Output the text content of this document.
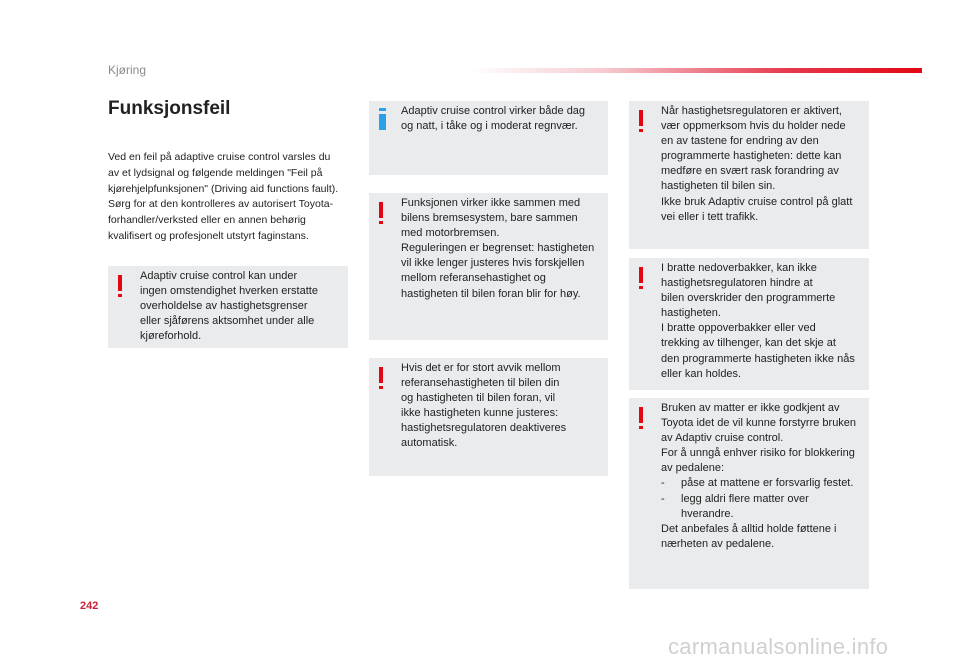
Kjøring
Funksjonsfeil
Ved en feil på adaptive cruise control varsles du
av et lydsignal og følgende meldingen "Feil på
kjørehjelpfunksjonen" (Driving aid functions fault).
Sørg for at den kontrolleres av autorisert Toyota-
forhandler/verksted eller en annen behørig
kvalifisert og profesjonelt utstyrt faginstans.
Adaptiv cruise control kan under
ingen omstendighet hverken erstatte
overholdelse av hastighetsgrenser
eller sjåførens aktsomhet under alle
kjøreforhold.
Adaptiv cruise control virker både dag
og natt, i tåke og i moderat regnvær.
Funksjonen virker ikke sammen med
bilens bremsesystem, bare sammen
med motorbremsen.
Reguleringen er begrenset: hastigheten
vil ikke lenger justeres hvis forskjellen
mellom referansehastighet og
hastigheten til bilen foran blir for høy.
Hvis det er for stort avvik mellom
referansehastigheten til bilen din
og hastigheten til bilen foran, vil
ikke hastigheten kunne justeres:
hastighetsregulatoren deaktiveres
automatisk.
Når hastighetsregulatoren er aktivert,
vær oppmerksom hvis du holder nede
en av tastene for endring av den
programmerte hastigheten: dette kan
medføre en svært rask forandring av
hastigheten til bilen sin.
Ikke bruk Adaptiv cruise control på glatt
vei eller i tett trafikk.
I bratte nedoverbakker, kan ikke
hastighetsregulatoren hindre at
bilen overskrider den programmerte
hastigheten.
I bratte oppoverbakker eller ved
trekking av tilhenger, kan det skje at
den programmerte hastigheten ikke nås
eller kan holdes.
Bruken av matter er ikke godkjent av
Toyota idet de vil kunne forstyrre bruken
av Adaptiv cruise control.
For å unngå enhver risiko for blokkering
av pedalene:
-	påse at mattene er forsvarlig festet.
-	legg aldri flere matter over
hverandre.
Det anbefales å alltid holde føttene i
nærheten av pedalene.
242
carmanualsonline.info
